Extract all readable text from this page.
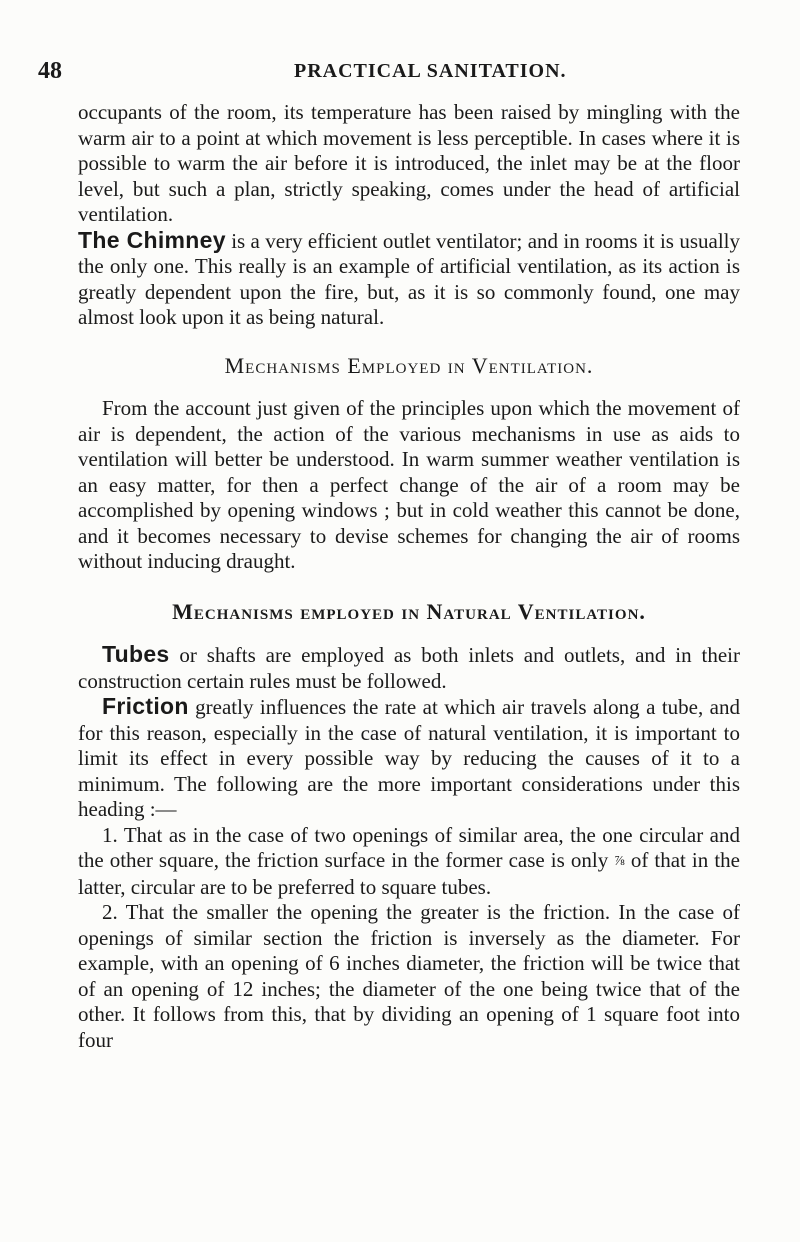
48	PRACTICAL SANITATION.

occupants of the room, its temperature has been raised by mingling with the warm air to a point at which movement is less perceptible. In cases where it is possible to warm the air before it is introduced, the inlet may be at the floor level, but such a plan, strictly speaking, comes under the head of artificial ventilation.

The Chimney is a very efficient outlet ventilator; and in rooms it is usually the only one. This really is an example of artificial ventilation, as its action is greatly dependent upon the fire, but, as it is so commonly found, one may almost look upon it as being natural.

Mechanisms Employed in Ventilation.

From the account just given of the principles upon which the movement of air is dependent, the action of the various mechanisms in use as aids to ventilation will better be understood. In warm summer weather ventilation is an easy matter, for then a perfect change of the air of a room may be accomplished by opening windows ; but in cold weather this cannot be done, and it becomes necessary to devise schemes for changing the air of rooms without inducing draught.

Mechanisms employed in Natural Ventilation.

Tubes or shafts are employed as both inlets and outlets, and in their construction certain rules must be followed.

Friction greatly influences the rate at which air travels along a tube, and for this reason, especially in the case of natural ventilation, it is important to limit its effect in every possible way by reducing the causes of it to a minimum. The following are the more important considerations under this heading :—

1. That as in the case of two openings of similar area, the one circular and the other square, the friction surface in the former case is only ⅞ of that in the latter, circular are to be preferred to square tubes.

2. That the smaller the opening the greater is the friction. In the case of openings of similar section the friction is inversely as the diameter. For example, with an opening of 6 inches diameter, the friction will be twice that of an opening of 12 inches; the diameter of the one being twice that of the other. It follows from this, that by dividing an opening of 1 square foot into four
